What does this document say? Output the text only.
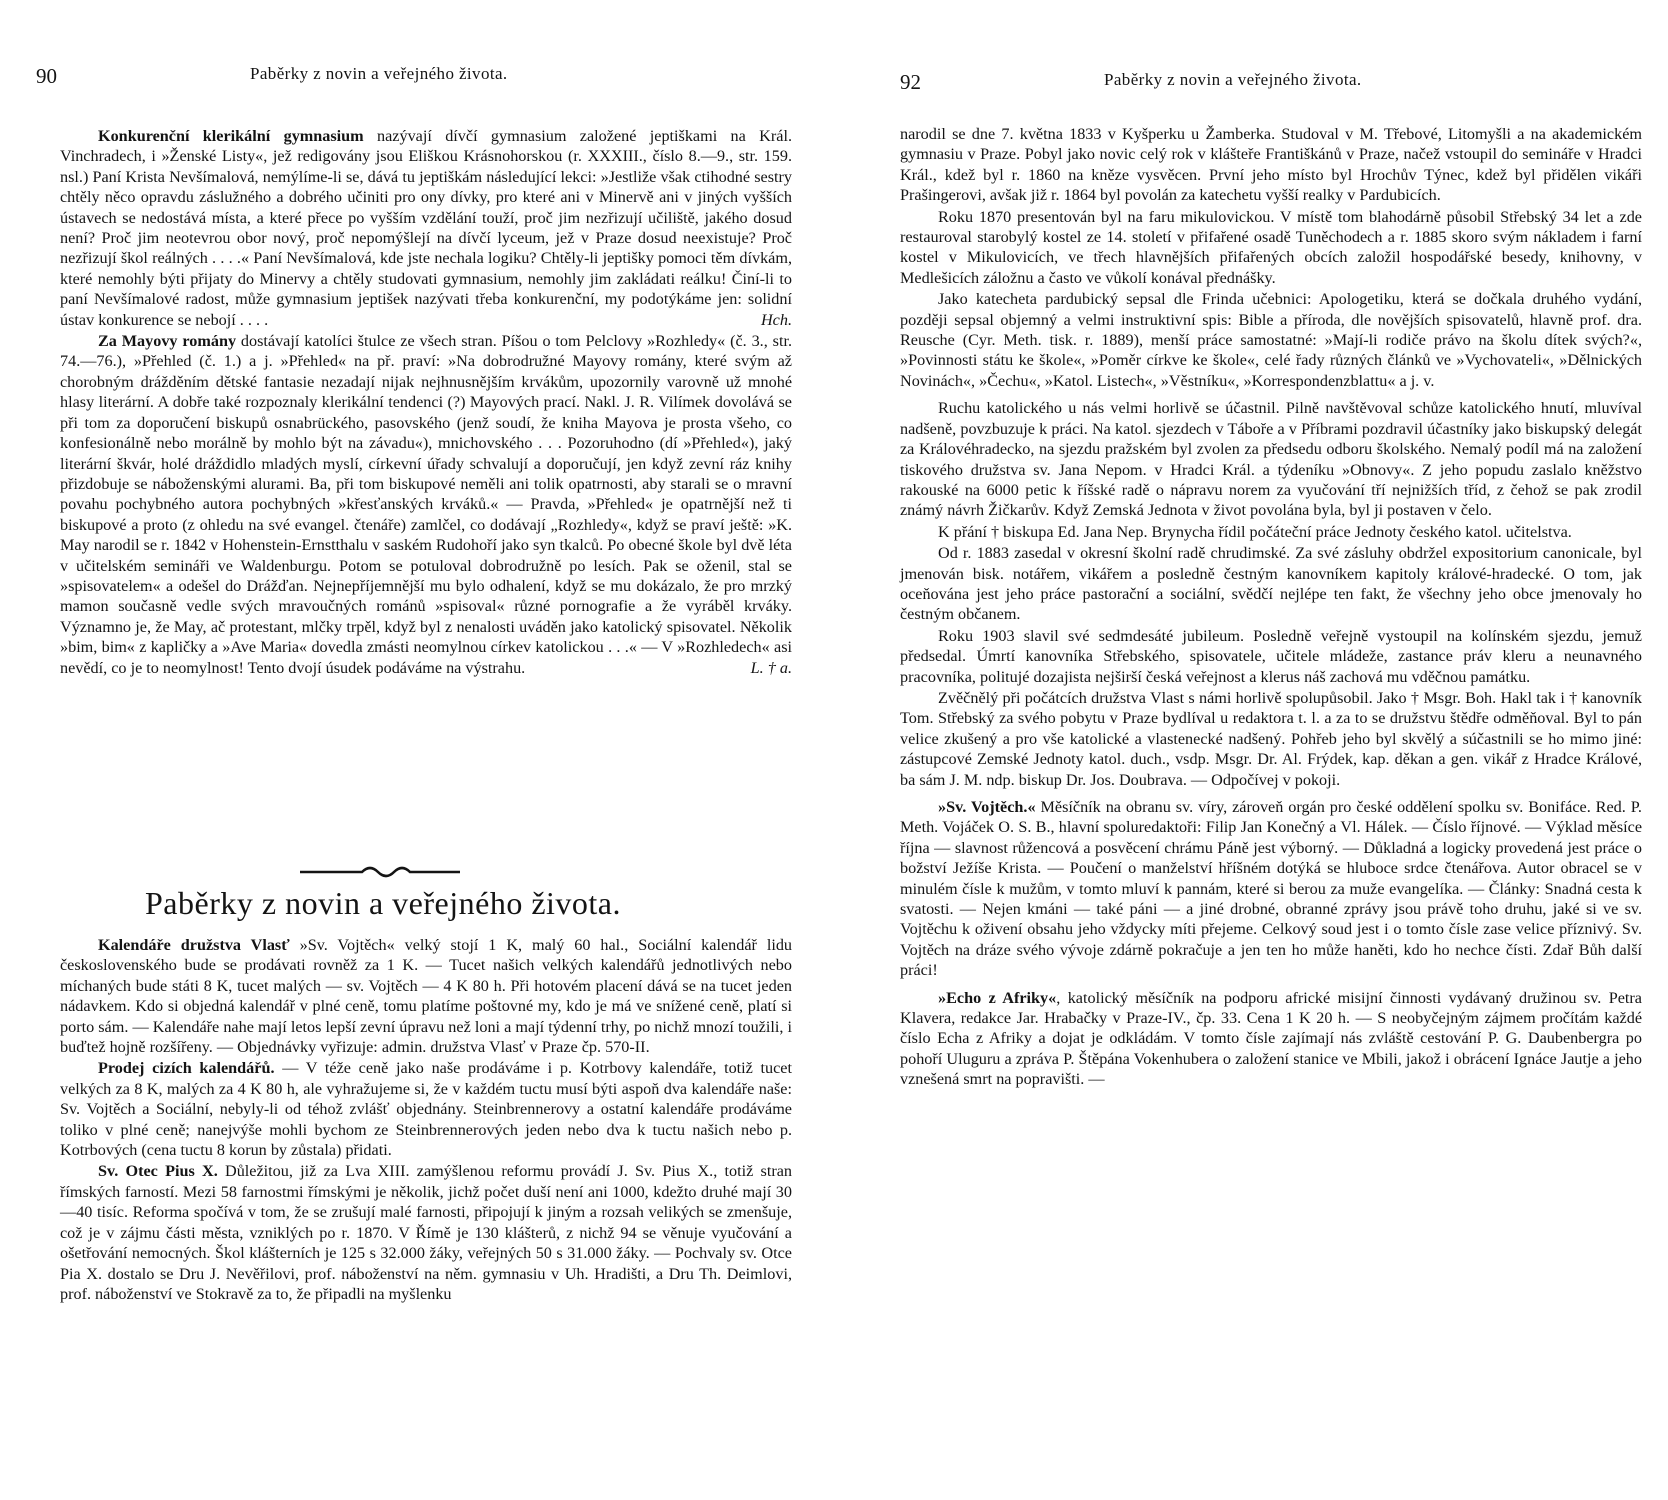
90	Paběrky z novin a veřejného života.

Konkurenční klerikální gymnasium nazývají dívčí gymnasium založené jeptiškami na Král. Vinchradech, i »Ženské Listy«, jež redigovány jsou Eliškou Krásnohorskou (r. XXXIII., číslo 8.—9., str. 159. nsl.) Paní Krista Nevšímalová, nemýlíme-li se, dává tu jeptiškám následující lekci: »Jestliže však ctihodné sestry chtěly něco opravdu záslužného a dobrého učiniti pro ony dívky, pro které ani v Minervě ani v jiných vyšších ústavech se nedostává místa, a které přece po vyšším vzdělání touží, proč jim nezřizují učiliště, jakého dosud není? Proč jim neotevrou obor nový, proč nepomýšlejí na dívčí lyceum, jež v Praze dosud neexistuje? Proč nezřizují škol reálných . . . .« Paní Nevšímalová, kde jste nechala logiku? Chtěly-li jeptišky pomoci těm dívkám, které nemohly býti přijaty do Minervy a chtěly studovati gymnasium, nemohly jim zakládati reálku! Činí-li to paní Nevšímalové radost, může gymnasium jeptišek nazývati třeba konkurenční, my podotýkáme jen: solidní ústav konkurence se nebojí . . . .	Hch.

Za Mayovy romány dostávají katolíci štulce ze všech stran. Píšou o tom Pelclovy »Rozhledy« (č. 3., str. 74.—76.), »Přehled (č. 1.) a j. »Přehled« na př. praví: »Na dobrodružné Mayovy romány, které svým až chorobným drážděním dětské fantasie nezadají nijak nejhnusnějším krvákům, upozornily varovně už mnohé hlasy literární. A dobře také rozpoznaly klerikální tendenci (?) Mayových prací. Nakl. J. R. Vilímek dovolává se při tom za doporučení biskupů osnabrückého, pasovského (jenž soudí, že kniha Mayova je prosta všeho, co konfesionálně nebo morálně by mohlo být na závadu«), mnichovského . . . Pozoruhodno (dí »Přehled«), jaký literární škvár, holé dráždidlo mladých myslí, církevní úřady schvalují a doporučují, jen když zevní ráz knihy přizdobuje se náboženskými alurami. Ba, při tom biskupové neměli ani tolik opatrnosti, aby starali se o mravní povahu pochybného autora pochybných »křesťanských krváků.« — Pravda, »Přehled« je opatrnější než ti biskupové a proto (z ohledu na své evangel. čtenáře) zamlčel, co dodávají „Rozhledy«, když se praví ještě: »K. May narodil se r. 1842 v Hohenstein-Ernstthalu v saském Rudohoří jako syn tkalců. Po obecné škole byl dvě léta v učitelském semináři ve Waldenburgu. Potom se potuloval dobrodružně po lesích. Pak se oženil, stal se »spisovatelem« a odešel do Drážďan. Nejnepříjemnější mu bylo odhalení, když se mu dokázalo, že pro mrzký mamon současně vedle svých mravoučných románů »spisoval« různé pornografie a že vyráběl krváky. Významno je, že May, ač protestant, mlčky trpěl, když byl z nenalosti uváděn jako katolický spisovatel. Několik »bim, bim« z kapličky a »Ave Maria« dovedla zmásti neomylnou církev katolickou . . .« — V »Rozhledech« asi nevědí, co je to neomylnost! Tento dvojí úsudek podáváme na výstrahu.	L. † a.

Paběrky z novin a veřejného života.

Kalendáře družstva Vlasť »Sv. Vojtěch« velký stojí 1 K, malý 60 hal., Sociální kalendář lidu československého bude se prodávati rovněž za 1 K. — Tucet našich velkých kalendářů jednotlivých nebo míchaných bude státi 8 K, tucet malých — sv. Vojtěch — 4 K 80 h. Při hotovém placení dává se na tucet jeden nádavkem. Kdo si objedná kalendář v plné ceně, tomu platíme poštovné my, kdo je má ve snížené ceně, platí si porto sám. — Kalendáře nahe mají letos lepší zevní úpravu než loni a mají týdenní trhy, po nichž mnozí toužili, i buďtež hojně rozšířeny. — Objednávky vyřizuje: admin. družstva Vlasť v Praze čp. 570-II.

Prodej cizích kalendářů. — V téže ceně jako naše prodáváme i p. Kotrbovy kalendáře, totiž tucet velkých za 8 K, malých za 4 K 80 h, ale vyhražujeme si, že v každém tuctu musí býti aspoň dva kalendáře naše: Sv. Vojtěch a Sociální, nebyly-li od téhož zvlášť objednány. Steinbrennerovy a ostatní kalendáře prodáváme toliko v plné ceně; nanejvýše mohli bychom ze Steinbrennerových jeden nebo dva k tuctu našich nebo p. Kotrbových (cena tuctu 8 korun by zůstala) přidati.

Sv. Otec Pius X. Důležitou, již za Lva XIII. zamýšlenou reformu provádí J. Sv. Pius X., totiž stran římských farností. Mezi 58 farnostmi římskými je několik, jichž počet duší není ani 1000, kdežto druhé mají 30—40 tisíc. Reforma spočívá v tom, že se zrušují malé farnosti, připojují k jiným a rozsah velikých se zmenšuje, což je v zájmu části města, vzniklých po r. 1870. V Římě je 130 klášterů, z nichž 94 se věnuje vyučování a ošetřování nemocných. Škol klášterních je 125 s 32.000 žáky, veřejných 50 s 31.000 žáky. — Pochvaly sv. Otce Pia X. dostalo se Dru J. Nevěřilovi, prof. náboženství na něm. gymnasiu v Uh. Hradišti, a Dru Th. Deimlovi, prof. náboženství ve Stokravě za to, že připadli na myšlenku

92	Paběrky z novin a veřejného života.

narodil se dne 7. května 1833 v Kyšperku u Žamberka. Studoval v M. Třebové, Litomyšli a na akademickém gymnasiu v Praze. Pobyl jako novic celý rok v klášteře Františkánů v Praze, načež vstoupil do semináře v Hradci Král., kdež byl r. 1860 na kněze vysvěcen. První jeho místo byl Hrochův Týnec, kdež byl přidělen vikáři Prašingerovi, avšak již r. 1864 byl povolán za katechetu vyšší realky v Pardubicích.

Roku 1870 presentován byl na faru mikulovickou. V místě tom blahodárně působil Střebský 34 let a zde restauroval starobylý kostel ze 14. století v přifařené osadě Tuněchodech a r. 1885 skoro svým nákladem i farní kostel v Mikulovicích, ve třech hlavnějších přifařených obcích založil hospodářské besedy, knihovny, v Medlešicích záložnu a často ve vůkolí konával přednášky.

Jako katecheta pardubický sepsal dle Frinda učebnici: Apologetiku, která se dočkala druhého vydání, později sepsal objemný a velmi instruktivní spis: Bible a příroda, dle novějších spisovatelů, hlavně prof. dra. Reusche (Cyr. Meth. tisk. r. 1889), menší práce samostatné: »Mají-li rodiče právo na školu dítek svých?«, »Povinnosti státu ke škole«, »Poměr církve ke škole«, celé řady různých článků ve »Vychovateli«, »Dělnických Novinách«, »Čechu«, »Katol. Listech«, »Věstníku«, »Korrespondenzblattu« a j. v.

Ruchu katolického u nás velmi horlivě se účastnil. Pilně navštěvoval schůze katolického hnutí, mluvíval nadšeně, povzbuzuje k práci. Na katol. sjezdech v Táboře a v Příbrami pozdravil účastníky jako biskupský delegát za Královéhradecko, na sjezdu pražském byl zvolen za předsedu odboru školského. Nemalý podíl má na založení tiskového družstva sv. Jana Nepom. v Hradci Král. a týdeníku »Obnovy«. Z jeho popudu zaslalo kněžstvo rakouské na 6000 petic k říšské radě o nápravu norem za vyučování tří nejnižších tříd, z čehož se pak zrodil známý návrh Žičkarův. Když Zemská Jednota v život povolána byla, byl ji postaven v čelo.

K přání † biskupa Ed. Jana Nep. Brynycha řídil počáteční práce Jednoty českého katol. učitelstva.

Od r. 1883 zasedal v okresní školní radě chrudimské. Za své zásluhy obdržel expositorium canonicale, byl jmenován bisk. notářem, vikářem a posledně čestným kanovníkem kapitoly králové-hradecké. O tom, jak oceňována jest jeho práce pastorační a sociální, svědčí nejlépe ten fakt, že všechny jeho obce jmenovaly ho čestným občanem.

Roku 1903 slavil své sedmdesáté jubileum. Posledně veřejně vystoupil na kolínském sjezdu, jemuž předsedal. Úmrtí kanovníka Střebského, spisovatele, učitele mládeže, zastance práv kleru a neunavného pracovníka, politujé dozajista nejširší česká veřejnost a klerus náš zachová mu vděčnou památku.

Zvěčnělý při počátcích družstva Vlast s námi horlivě spolupůsobil. Jako † Msgr. Boh. Hakl tak i † kanovník Tom. Střebský za svého pobytu v Praze bydlíval u redaktora t. l. a za to se družstvu štědře odměňoval. Byl to pán velice zkušený a pro vše katolické a vlastenecké nadšený. Pohřeb jeho byl skvělý a súčastnili se ho mimo jiné: zástupcové Zemské Jednoty katol. duch., vsdp. Msgr. Dr. Al. Frýdek, kap. děkan a gen. vikář z Hradce Králové, bа sám J. M. ndp. biskup Dr. Jos. Doubrava. — Odpočívej v pokoji.

»Sv. Vojtěch.« Měsíčník na obranu sv. víry, zároveň orgán pro české oddělení spolku sv. Bonifáce. Red. P. Meth. Vojáček O. S. B., hlavní spoluredaktoři: Filip Jan Konečný a Vl. Hálek. — Číslo říjnové. — Výklad měsíce října — slavnost růžencová a posvěcení chrámu Páně jest výborný. — Důkladná a logicky provedená jest práce o božství Ježíše Krista. — Poučení o manželství hříšném dotýká se hluboce srdce čtenářova. Autor obracel se v minulém čísle k mužům, v tomto mluví k pannám, které si berou za muže evangelíka. — Články: Snadná cesta k svatosti. — Nejen kmáni — také páni — a jiné drobné, obranné zprávy jsou právě toho druhu, jaké si ve sv. Vojtěchu k oživení obsahu jeho vždycky míti přejeme. Celkový soud jest i o tomto čísle zase velice příznivý. Sv. Vojtěch na dráze svého vývoje zdárně pokračuje a jen ten ho může haněti, kdo ho nechce čísti. Zdař Bůh další práci!

»Echo z Afriky«, katolický měsíčník na podporu africké misijní činnosti vydávaný družinou sv. Petra Klavera, redakce Jar. Hrabačky v Praze-IV., čp. 33. Cena 1 K 20 h. — S neobyčejným zájmem pročítám každé číslo Echa z Afriky a dojat je odkládám. V tomto čísle zajímají nás zvláště cestování P. G. Daubenbergra po pohoří Uluguru a zpráva P. Štěpána Vokenhubera o založení stanice ve Mbili, jakož i obrácení Ignáce Jautje a jeho vznešená smrt na popravišti. —
